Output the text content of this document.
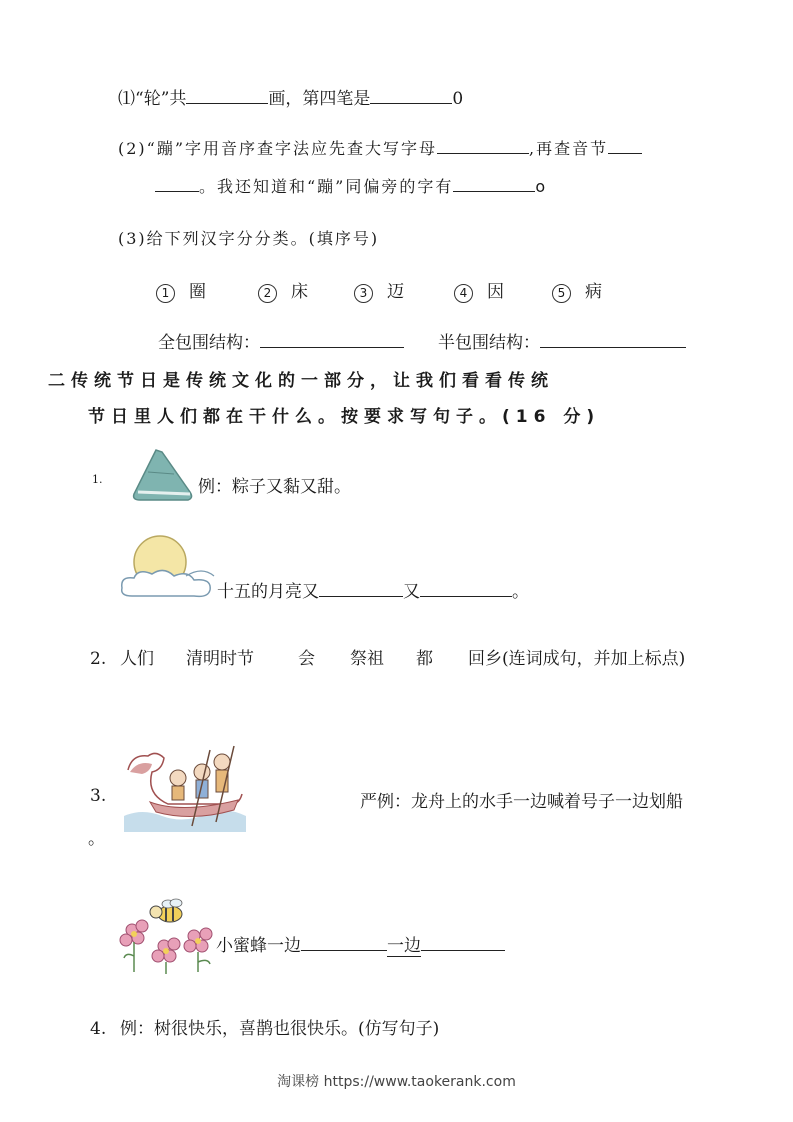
⑴“轮”共	画，第四笔是	0
(2)“蹦”字用音序查字法应先查大写字母	,再查音节
。我还知道和“蹦”同偏旁的字有	o
(3)给下列汉字分分类。(填序号)
1 圈	2 床	3 迈	4 因	5 病
全包围结构：	半包围结构：
二传统节日是传统文化的一部分，让我们看看传统
节日里人们都在干什么。按要求写句子。(16 分)
1.	例：粽子又黏又甜。
十五的月亮又	又	。
2. 人们 清明时节	会 祭祖 都 回乡(连词成句，并加上标点)
3.	严例：龙舟上的水手一边喊着号子一边划船
。
小蜜蜂一边	一边
4. 例：树很快乐，喜鹊也很快乐。(仿写句子)
淘课榜 https://www.taokerank.com
